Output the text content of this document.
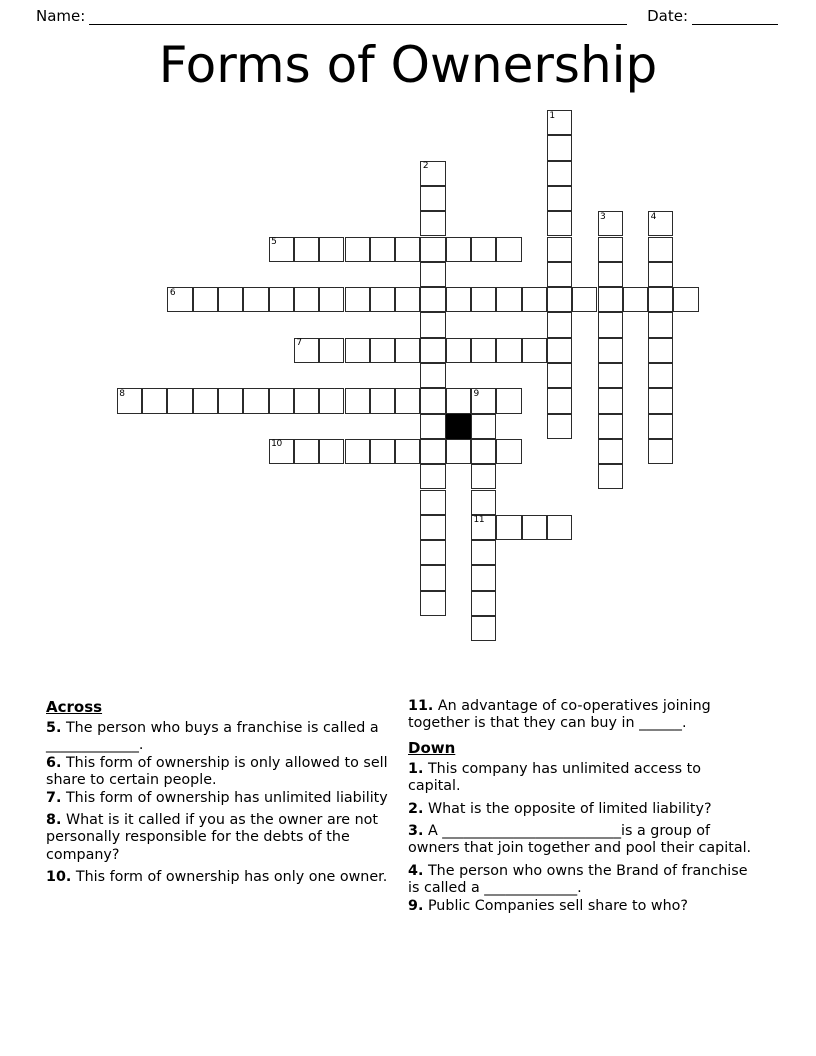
Name:	Date:
Forms of Ownership
1
2
3	4
5
6
7
8	9
11
10
Across
5. The person who buys a franchise is called a _____________.
6. This form of ownership is only allowed to sell share to certain people.
7. This form of ownership has unlimited liability
8. What is it called if you as the owner are not personally responsible for the debts of the company?
10. This form of ownership has only one owner.
11. An advantage of co-operatives joining together is that they can buy in ______.
Down
1. This company has unlimited access to capital.
2. What is the opposite of limited liability?
3. A _________________________is a group of owners that join together and pool their capital.
4. The person who owns the Brand of franchise is called a _____________.
9. Public Companies sell share to who?
